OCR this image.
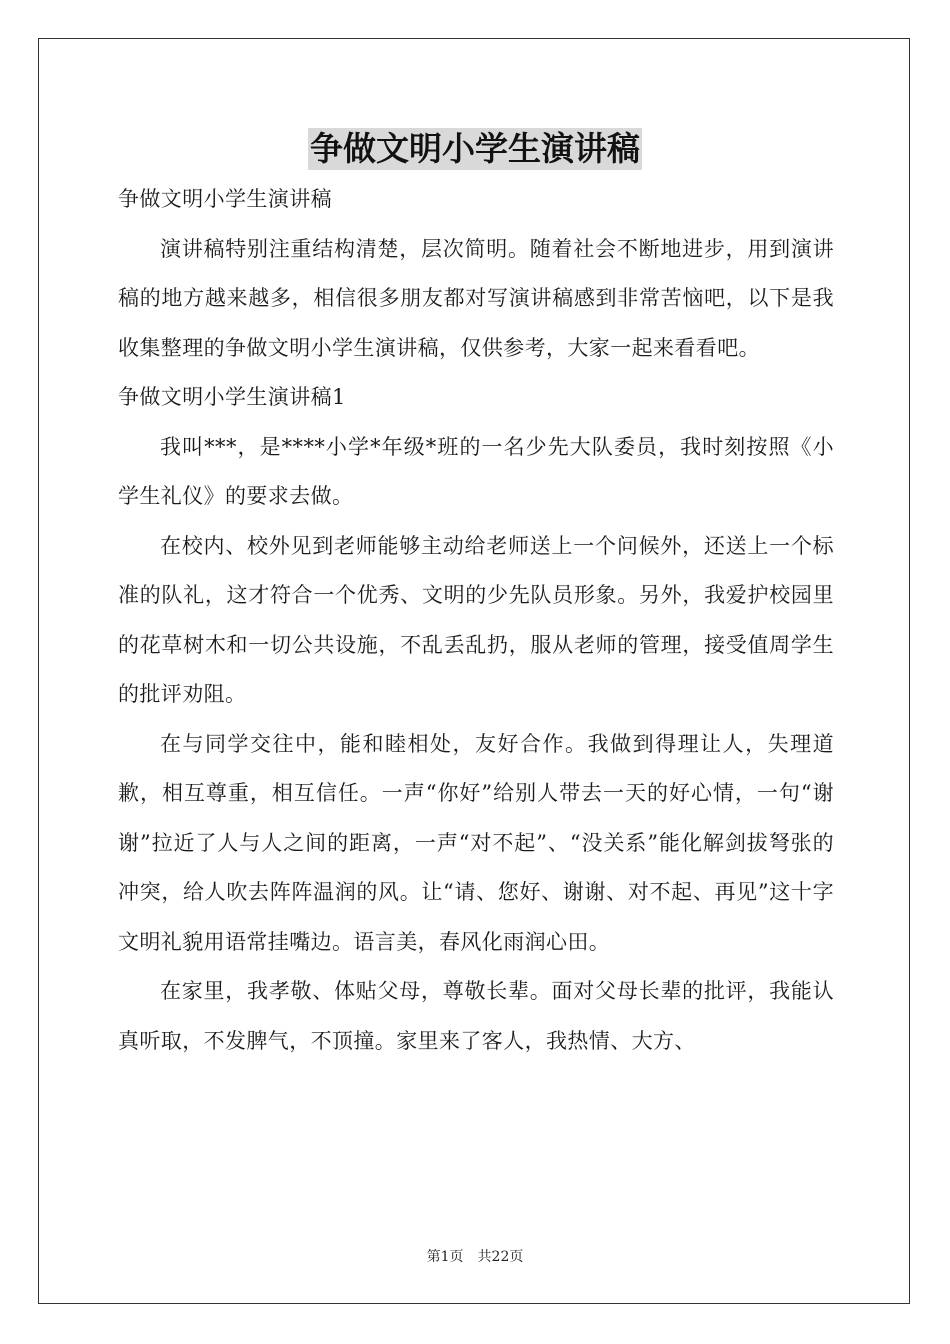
争做文明小学生演讲稿

争做文明小学生演讲稿

演讲稿特别注重结构清楚，层次简明。随着社会不断地进步，用到演讲稿的地方越来越多，相信很多朋友都对写演讲稿感到非常苦恼吧，以下是我收集整理的争做文明小学生演讲稿，仅供参考，大家一起来看看吧。

争做文明小学生演讲稿1

我叫***，是****小学*年级*班的一名少先大队委员，我时刻按照《小学生礼仪》的要求去做。

在校内、校外见到老师能够主动给老师送上一个问候外，还送上一个标准的队礼，这才符合一个优秀、文明的少先队员形象。另外，我爱护校园里的花草树木和一切公共设施，不乱丢乱扔，服从老师的管理，接受值周学生的批评劝阻。

在与同学交往中，能和睦相处，友好合作。我做到得理让人，失理道歉，相互尊重，相互信任。一声“你好”给别人带去一天的好心情，一句“谢谢”拉近了人与人之间的距离，一声“对不起”、“没关系”能化解剑拔弩张的冲突，给人吹去阵阵温润的风。让“请、您好、谢谢、对不起、再见”这十字文明礼貌用语常挂嘴边。语言美，春风化雨润心田。

在家里，我孝敬、体贴父母，尊敬长辈。面对父母长辈的批评，我能认真听取，不发脾气，不顶撞。家里来了客人，我热情、大方、

第1页 共22页
